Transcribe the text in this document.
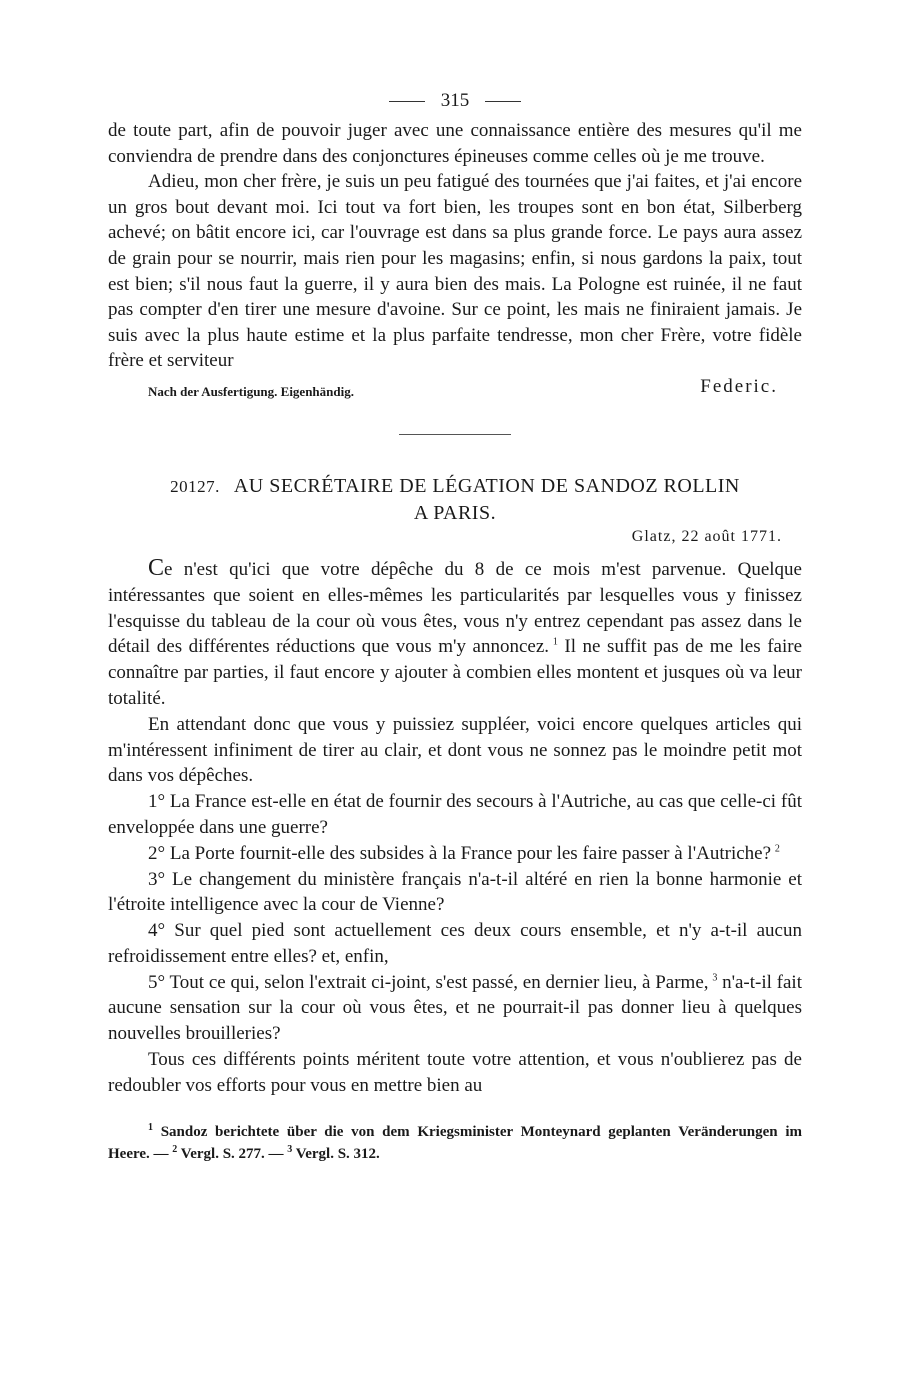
315

de toute part, afin de pouvoir juger avec une connaissance entière des mesures qu'il me conviendra de prendre dans des conjonctures épineuses comme celles où je me trouve.

Adieu, mon cher frère, je suis un peu fatigué des tournées que j'ai faites, et j'ai encore un gros bout devant moi. Ici tout va fort bien, les troupes sont en bon état, Silberberg achevé; on bâtit encore ici, car l'ouvrage est dans sa plus grande force. Le pays aura assez de grain pour se nourrir, mais rien pour les magasins; enfin, si nous gardons la paix, tout est bien; s'il nous faut la guerre, il y aura bien des mais. La Pologne est ruinée, il ne faut pas compter d'en tirer une mesure d'avoine. Sur ce point, les mais ne finiraient jamais. Je suis avec la plus haute estime et la plus parfaite tendresse, mon cher Frère, votre fidèle frère et serviteur

Nach der Ausfertigung. Eigenhändig.	Federic.
20127. AU SECRÉTAIRE DE LÉGATION DE SANDOZ ROLLIN
A PARIS.
Glatz, 22 août 1771.

Ce n'est qu'ici que votre dépêche du 8 de ce mois m'est parvenue. Quelque intéressantes que soient en elles-mêmes les particularités par lesquelles vous y finissez l'esquisse du tableau de la cour où vous êtes, vous n'y entrez cependant pas assez dans le détail des différentes réductions que vous m'y annoncez.  $^1$ Il ne suffit pas de me les faire connaître par parties, il faut encore y ajouter à combien elles montent et jusques où va leur totalité.

En attendant donc que vous y puissiez suppléer, voici encore quelques articles qui m'intéressent infiniment de tirer au clair, et dont vous ne sonnez pas le moindre petit mot dans vos dépêches.

1° La France est-elle en état de fournir des secours à l'Autriche, au cas que celle-ci fût enveloppée dans une guerre?

2° La Porte fournit-elle des subsides à la France pour les faire passer à l'Autriche?  $^2$

3° Le changement du ministère français n'a-t-il altéré en rien la bonne harmonie et l'étroite intelligence avec la cour de Vienne?

4° Sur quel pied sont actuellement ces deux cours ensemble, et n'y a-t-il aucun refroidissement entre elles? et, enfin,

5° Tout ce qui, selon l'extrait ci-joint, s'est passé, en dernier lieu, à Parme,  $^3$ n'a-t-il fait aucune sensation sur la cour où vous êtes, et ne pourrait-il pas donner lieu à quelques nouvelles brouilleries?

Tous ces différents points méritent toute votre attention, et vous n'oublierez pas de redoubler vos efforts pour vous en mettre bien au

$^1$ Sandoz berichtete über die von dem Kriegsminister Monteynard geplanten Veränderungen im Heere. — $^2$ Vergl. S. 277. — $^3$ Vergl. S. 312.
